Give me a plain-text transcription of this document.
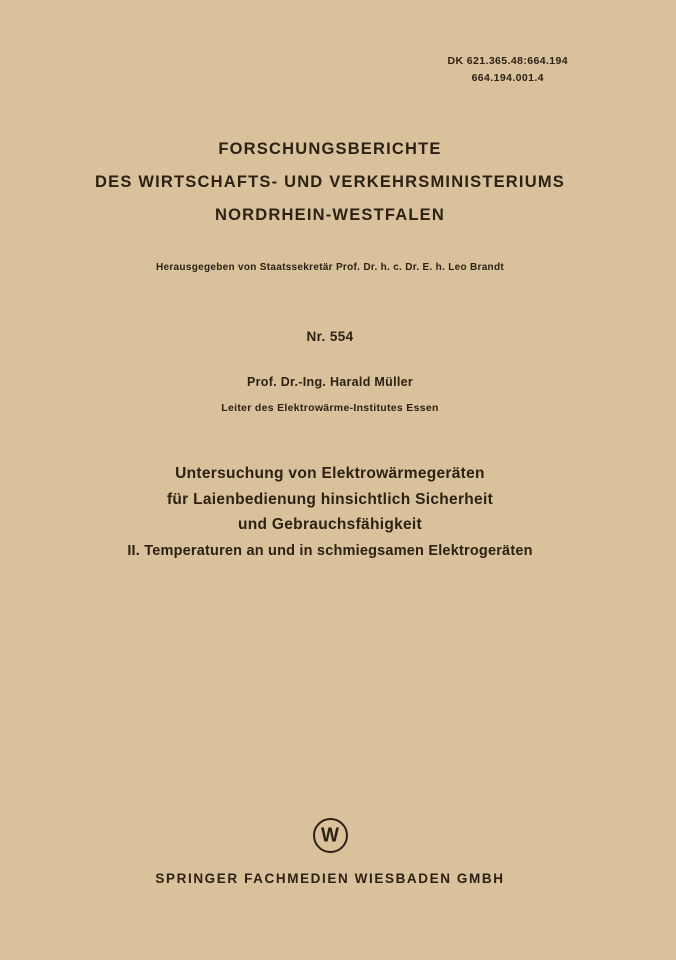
DK 621.365.48:664.194
664.194.001.4
FORSCHUNGSBERICHTE
DES WIRTSCHAFTS- UND VERKEHRSMINISTERIUMS
NORDRHEIN-WESTFALEN
Herausgegeben von Staatssekretär Prof. Dr. h. c. Dr. E. h. Leo Brandt
Nr. 554
Prof. Dr.-Ing. Harald Müller
Leiter des Elektrowärme-Institutes Essen
Untersuchung von Elektrowärmegeräten
für Laienbedienung hinsichtlich Sicherheit
und Gebrauchsfähigkeit
II. Temperaturen an und in schmiegsamen Elektrogeräten
W
SPRINGER FACHMEDIEN WIESBADEN GMBH
